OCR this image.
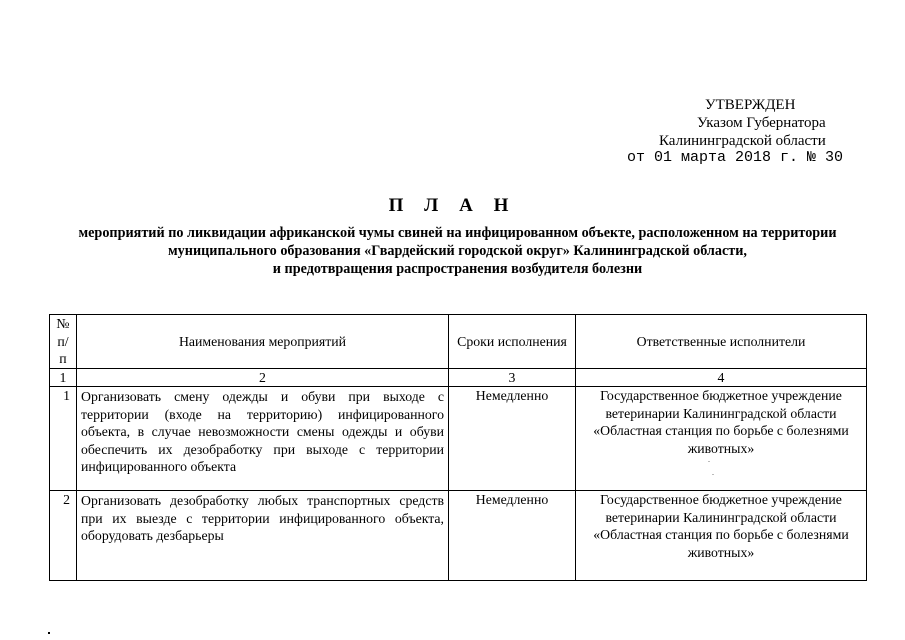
УТВЕРЖДЕН
Указом Губернатора
Калининградской области
от 01 марта 2018 г. № 30
П Л А Н
мероприятий по ликвидации африканской чумы свиней на инфицированном объекте, расположенном на территории
муниципального образования «Гвардейский городской округ» Калининградской области,
и предотвращения распространения возбудителя болезни
№ п/п	Наименования мероприятий	Сроки исполнения	Ответственные исполнители
1	2	3	4
1	Организовать смену одежды и обуви при выходе с территории (входе на территорию) инфицированного объекта, в случае невозможности смены одежды и обуви обеспечить их дезобработку при выходе с территории инфицированного объекта	Немедленно	Государственное бюджетное учреждение ветеринарии Калининградской области «Областная станция по борьбе с болезнями животных»
2	Организовать дезобработку любых транспортных средств при их выезде с территории инфицированного объекта, оборудовать дезбарьеры	Немедленно	Государственное бюджетное учреждение ветеринарии Калининградской области «Областная станция по борьбе с болезнями животных»
